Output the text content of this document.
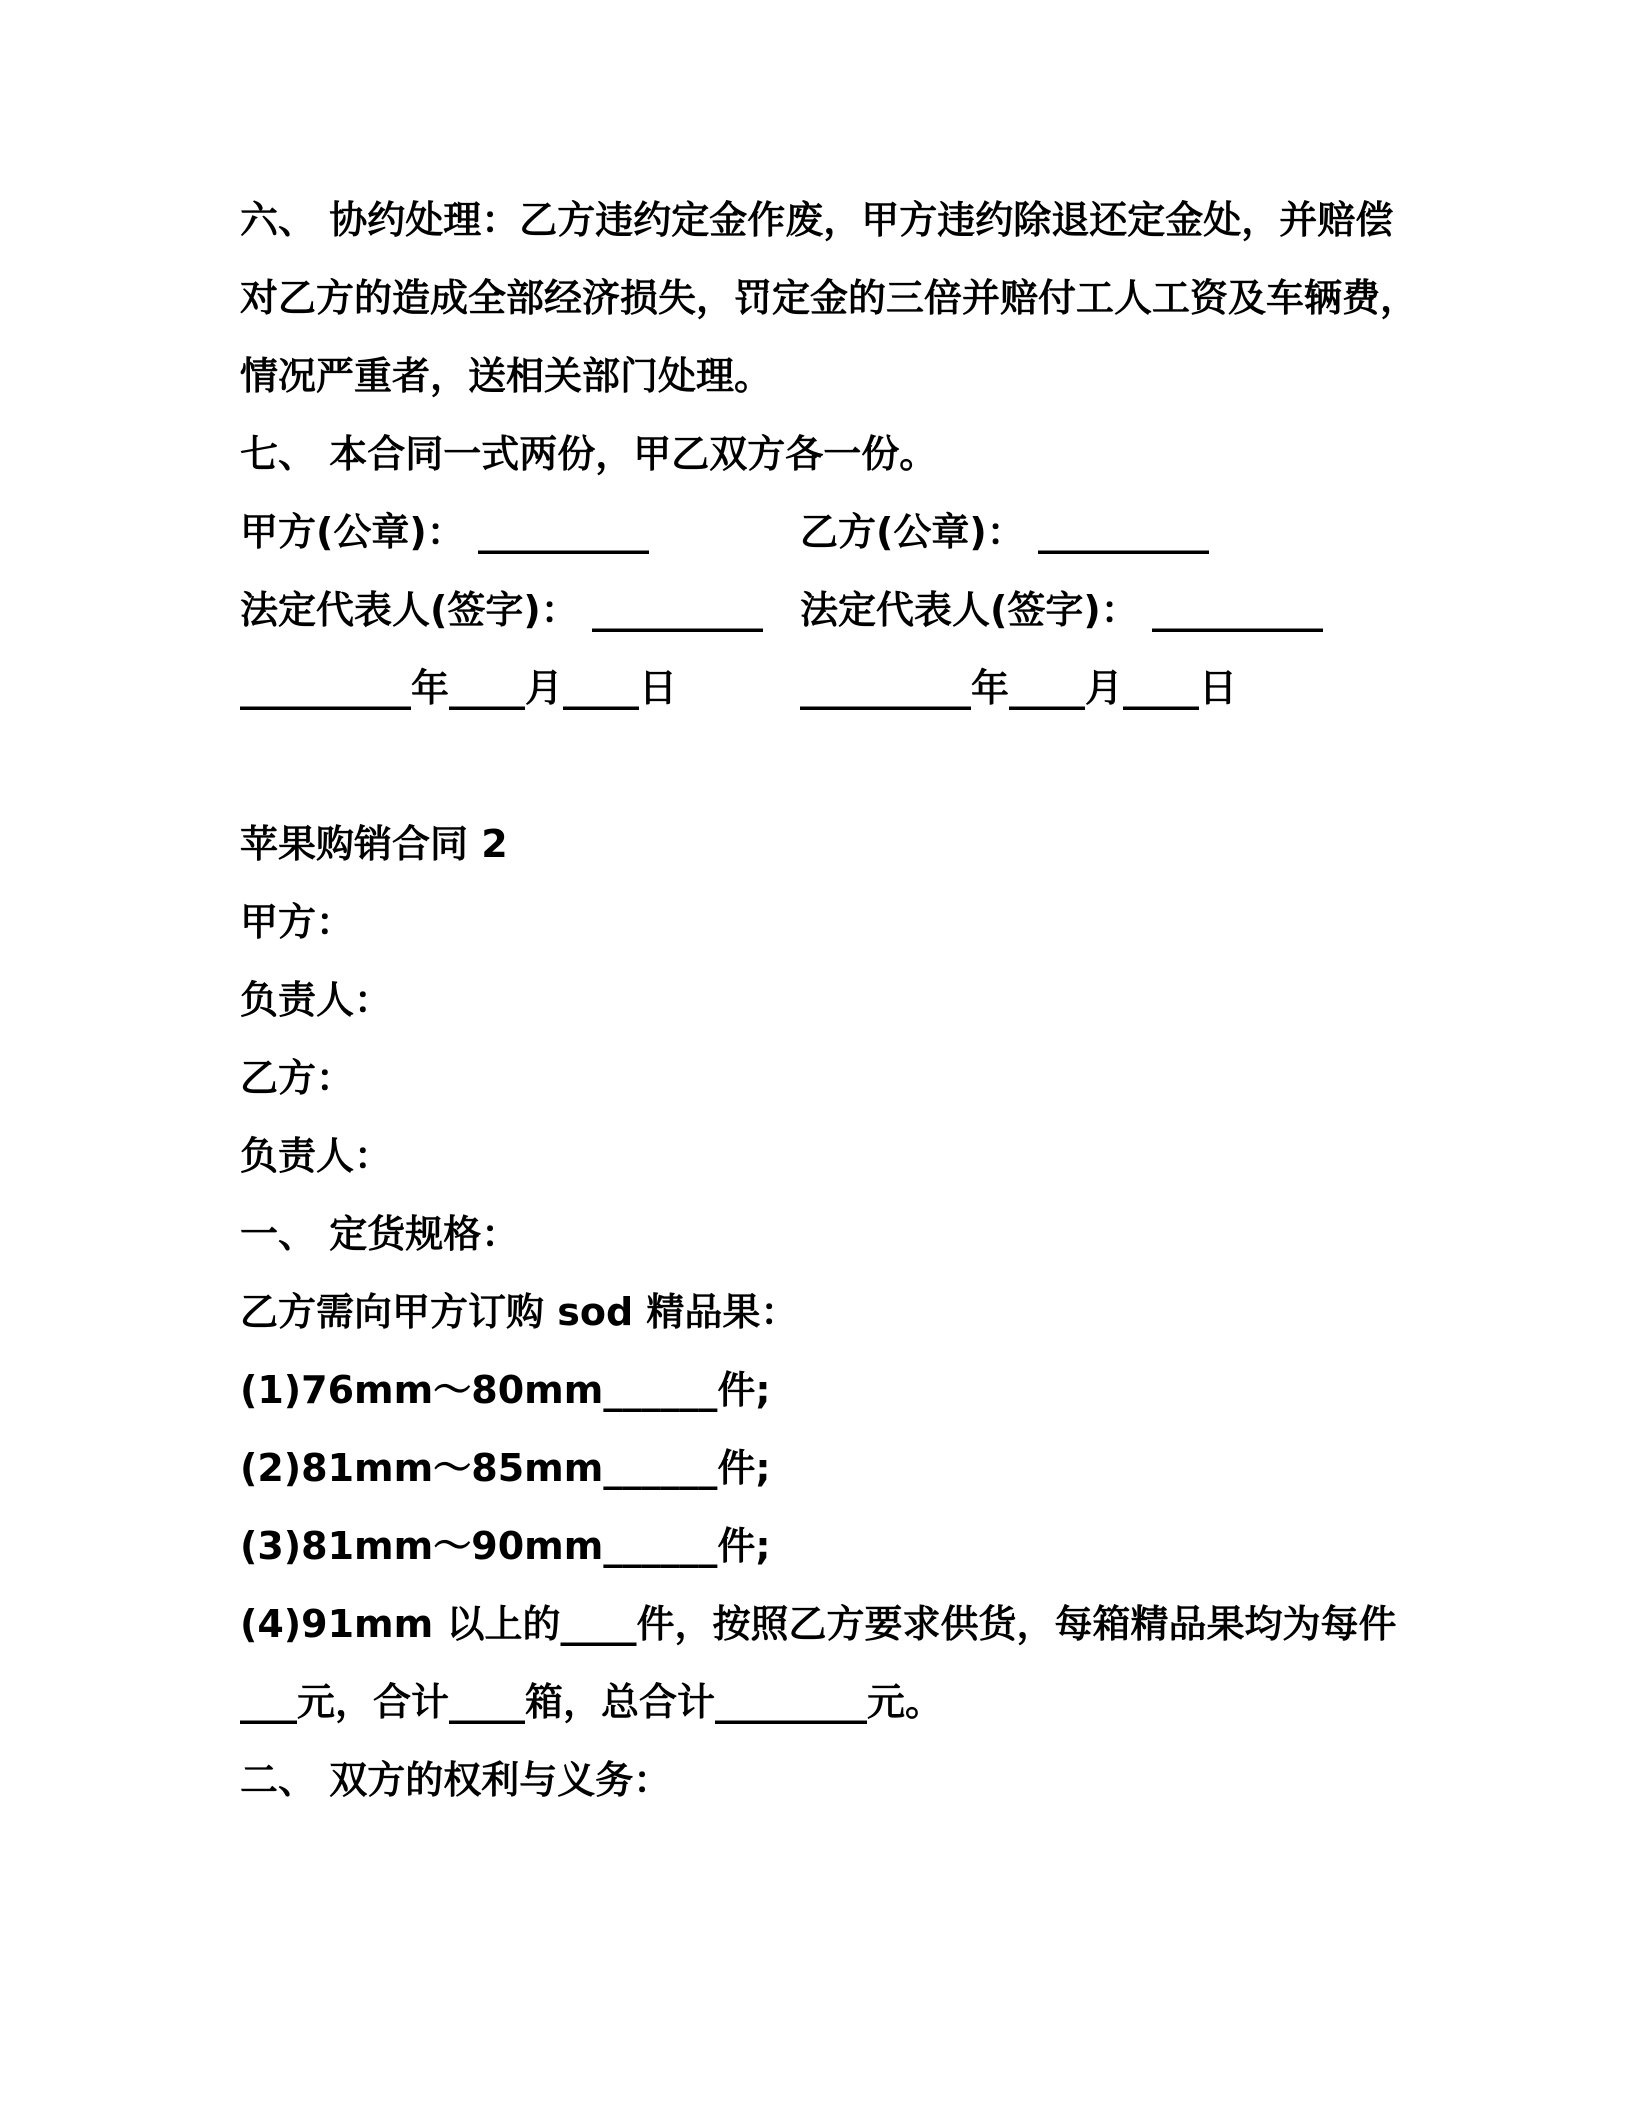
六、 协约处理：乙方违约定金作废，甲方违约除退还定金处，并赔偿

对乙方的造成全部经济损失，罚定金的三倍并赔付工人工资及车辆费，

情况严重者，送相关部门处理。

七、 本合同一式两份，甲乙双方各一份。

甲方(公章)： _________	乙方(公章)： _________
法定代表人(签字)： _________ 法定代表人(签字)： _________
_________年____月____日	_________年____月____日

苹果购销合同 2

甲方：

负责人：

乙方：

负责人：

一、 定货规格：

乙方需向甲方订购 sod 精品果：

(1)76mm～80mm______件;

(2)81mm～85mm______件;

(3)81mm～90mm______件;

(4)91mm 以上的____件，按照乙方要求供货，每箱精品果均为每件

___元，合计____箱，总合计________元。

二、 双方的权利与义务：
